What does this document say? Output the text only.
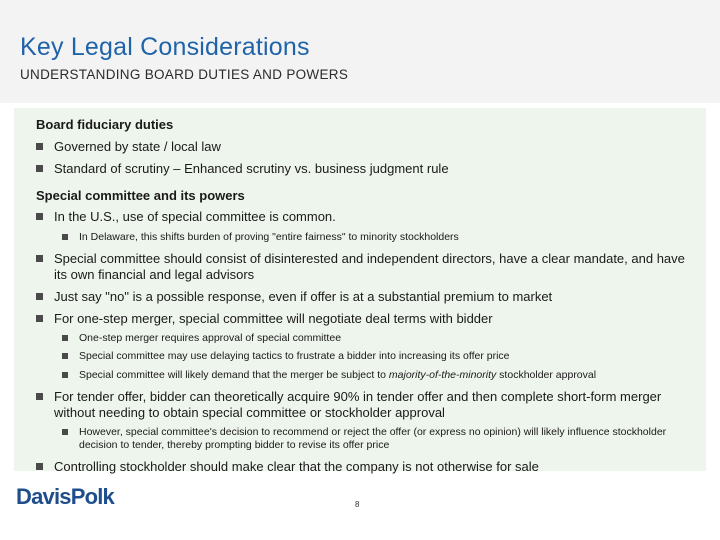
Key Legal Considerations
UNDERSTANDING BOARD DUTIES AND POWERS
Board fiduciary duties
Governed by state / local law
Standard of scrutiny – Enhanced scrutiny vs. business judgment rule
Special committee and its powers
In the U.S., use of special committee is common.
In Delaware, this shifts burden of proving "entire fairness" to minority stockholders
Special committee should consist of disinterested and independent directors, have a clear mandate, and have its own financial and legal advisors
Just say "no" is a possible response, even if offer is at a substantial premium to market
For one-step merger, special committee will negotiate deal terms with bidder
One-step merger requires approval of special committee
Special committee may use delaying tactics to frustrate a bidder into increasing its offer price
Special committee will likely demand that the merger be subject to majority-of-the-minority stockholder approval
For tender offer, bidder can theoretically acquire 90% in tender offer and then complete short-form merger without needing to obtain special committee or stockholder approval
However, special committee's decision to recommend or reject the offer (or express no opinion) will likely influence stockholder decision to tender, thereby prompting bidder to revise its offer price
Controlling stockholder should make clear that the company is not otherwise for sale
DavisPolk	8
